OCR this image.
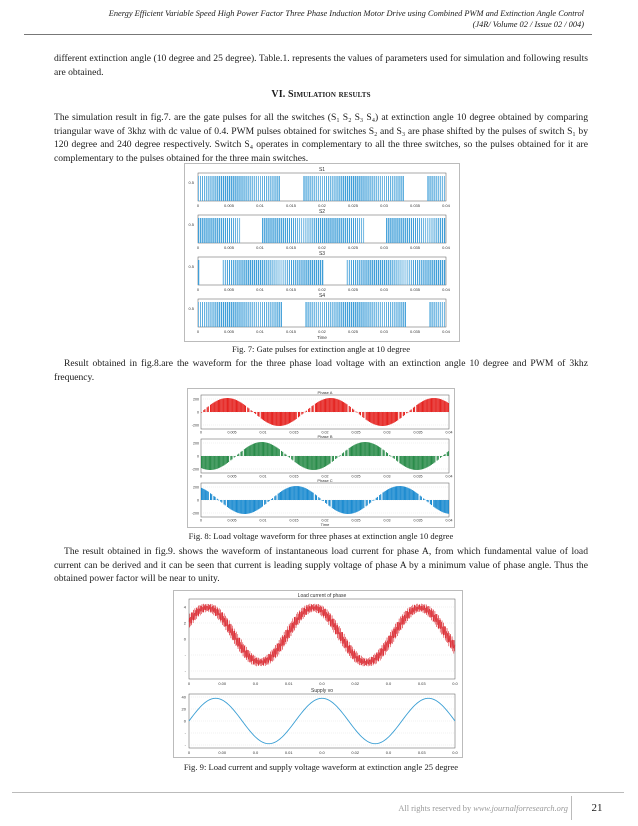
Energy Efficient Variable Speed High Power Factor Three Phase Induction Motor Drive using Combined PWM and Extinction Angle Control
(J4R/ Volume 02 / Issue 02 / 004)

different extinction angle (10 degree and 25 degree). Table.1. represents the values of parameters used for simulation and following results are obtained.

VI. Simulation results

The simulation result in fig.7. are the gate pulses for all the switches (S₁ S₂ S₃ S₄) at extinction angle 10 degree obtained by comparing triangular wave of 3khz with dc value of 0.4. PWM pulses obtained for switches S₂ and S₃ are phase shifted by the pulses of switch S₁ by 120 degree and 240 degree respectively. Switch S₄ operates in complementary to all the three switches, so the pulses obtained for it are complementary to the pulses obtained for the three main switches.

S1
0.5
0	0.005	0.01	0.015	0.02	0.025	0.03	0.035	0.04
S2
0.5
0	0.005	0.01	0.015	0.02	0.025	0.03	0.035	0.04
S3
0.5
0	0.005	0.01	0.015	0.02	0.025	0.03	0.035	0.04
S4
0.5
0	0.005	0.01	0.015	0.02	0.025	0.03	0.035	0.04
Time
Fig. 7: Gate pulses for extinction angle at 10 degree

Result obtained in fig.8.are the waveform for the three phase load voltage with an extinction angle 10 degree and PWM of 3khz frequency.

Phase A
200
0
-200
0	0.005	0.01	0.015	0.02	0.025	0.03	0.035	0.04
Phase B
200
0
-200
0	0.005	0.01	0.015	0.02	0.025	0.03	0.035	0.04
Phase C
200
0
-200
0	0.005	0.01	0.015	0.02	0.025	0.03	0.035	0.04
Time
Fig. 8: Load voltage waveform for three phases at extinction angle 10 degree

The result obtained in fig.9. shows the waveform of instantaneous load current for phase A, from which fundamental value of load current can be derived and it can be seen that current is leading supply voltage of phase A by a minimum value of phase angle. Thus the obtained power factor will be near to unity.

Load current of phase
4
2
0
-
-
0	0.00	0.0	0.01	0.0	0.02	0.0	0.03	0.0
Supply vo
40
20
0
-
-
0	0.00	0.0	0.01	0.0	0.02	0.0	0.03	0.0
Fig. 9: Load current and supply voltage waveform at extinction angle 25 degree
All rights reserved by www.journalforresearch.org	21
